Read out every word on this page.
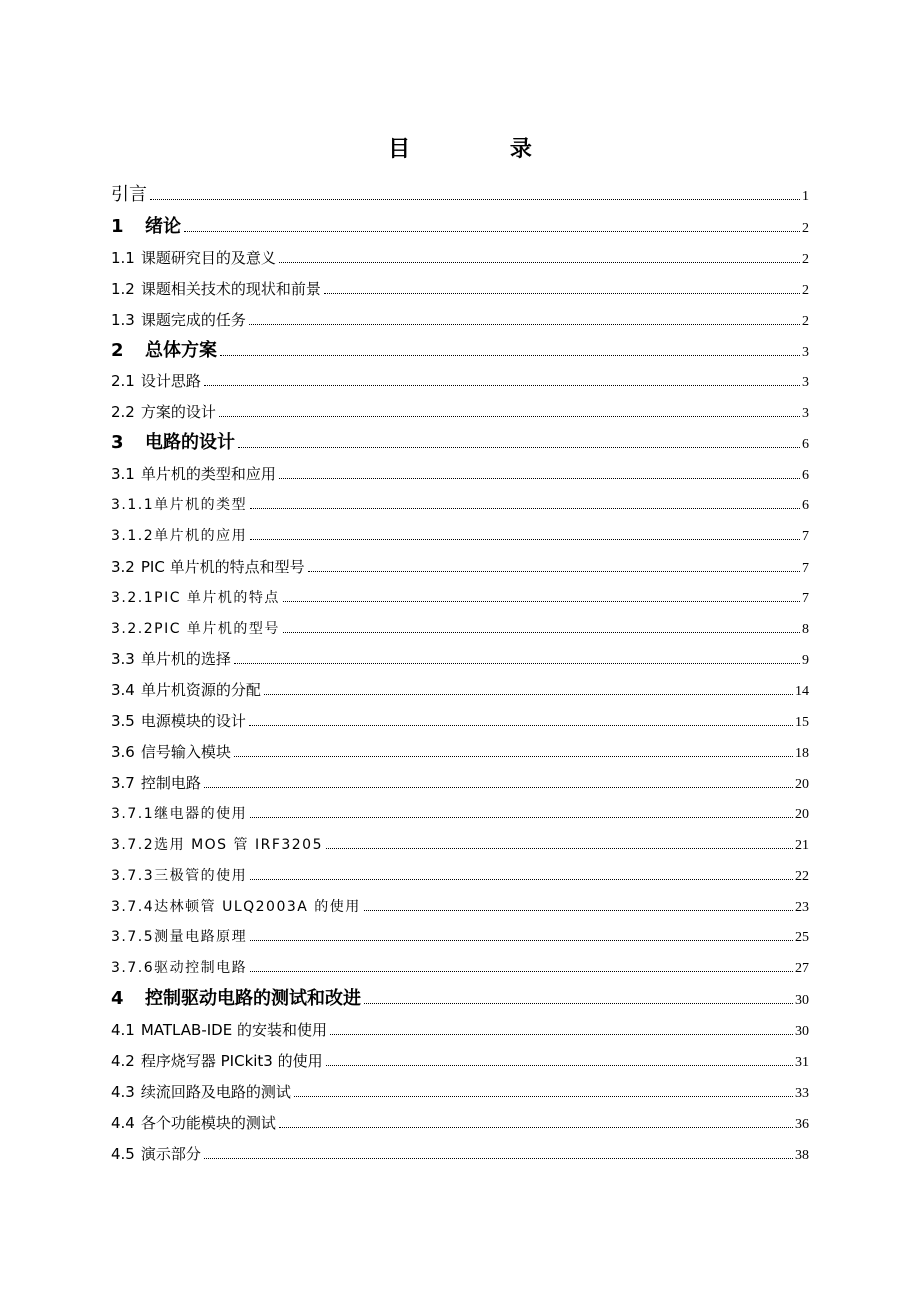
目 录
引言	1
1 绪论	2
1.1 课题研究目的及意义	2
1.2 课题相关技术的现状和前景	2
1.3 课题完成的任务	2
2 总体方案	3
2.1 设计思路	3
2.2 方案的设计	3
3 电路的设计	6
3.1 单片机的类型和应用	6
3.1.1单片机的类型	6
3.1.2单片机的应用	7
3.2 PIC 单片机的特点和型号	7
3.2.1PIC 单片机的特点	7
3.2.2PIC 单片机的型号	8
3.3 单片机的选择	9
3.4 单片机资源的分配	14
3.5 电源模块的设计	15
3.6 信号输入模块	18
3.7 控制电路	20
3.7.1继电器的使用	20
3.7.2选用 MOS 管 IRF3205	21
3.7.3三极管的使用	22
3.7.4达林顿管 ULQ2003A 的使用	23
3.7.5测量电路原理	25
3.7.6驱动控制电路	27
4 控制驱动电路的测试和改进	30
4.1 MATLAB-IDE 的安装和使用	30
4.2 程序烧写器 PICkit3 的使用	31
4.3 续流回路及电路的测试	33
4.4 各个功能模块的测试	36
4.5 演示部分	38
